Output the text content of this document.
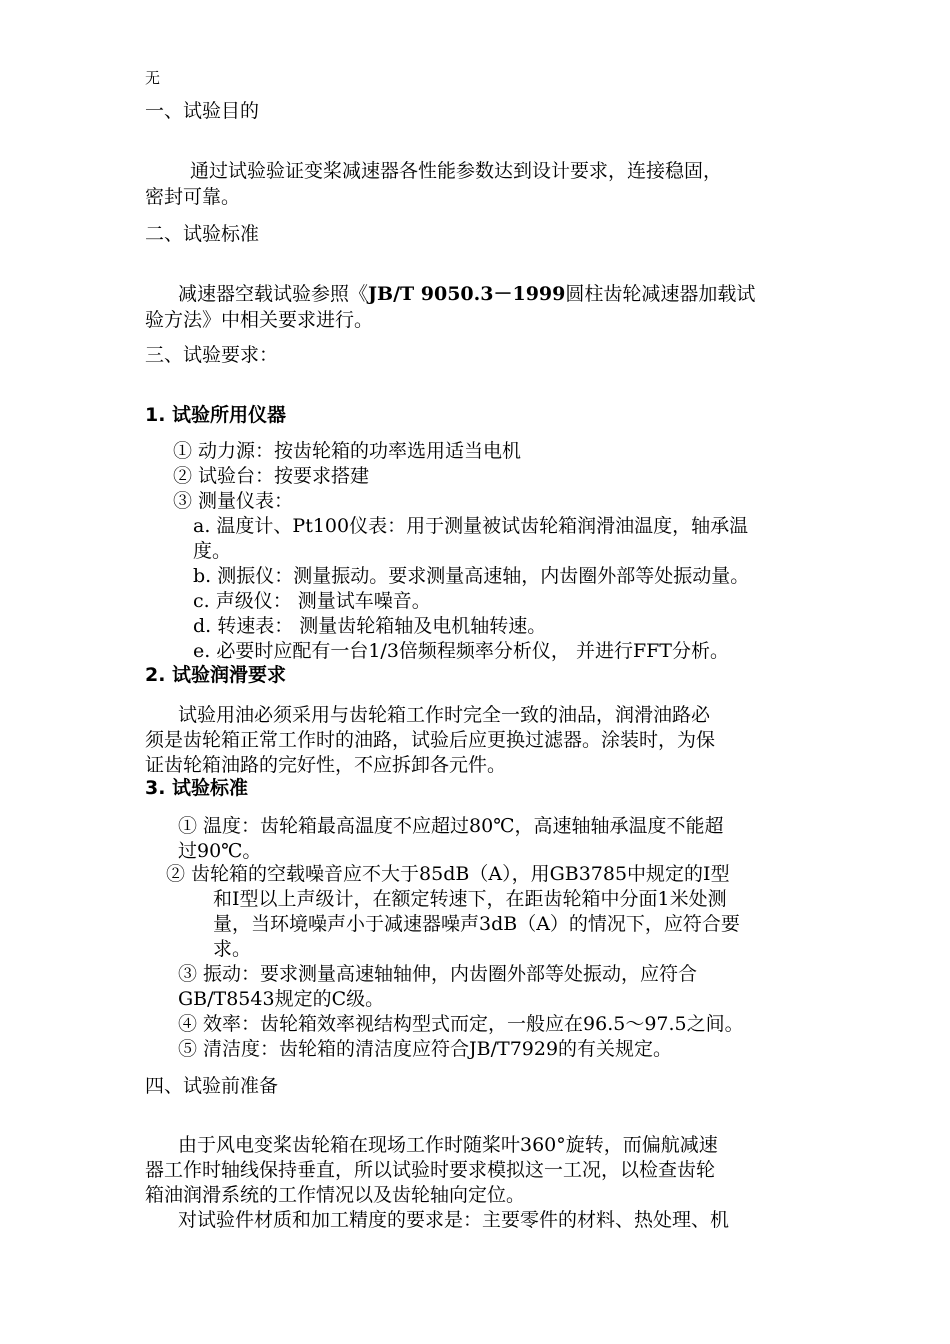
无
一、试验目的
通过试验验证变桨减速器各性能参数达到设计要求，连接稳固，
密封可靠。
二、试验标准
减速器空载试验参照《JB/T 9050.3－1999圆柱齿轮减速器加载试
验方法》中相关要求进行。
三、试验要求：
1. 试验所用仪器
① 动力源：按齿轮箱的功率选用适当电机
② 试验台：按要求搭建
③ 测量仪表：
a. 温度计、Pt100仪表：用于测量被试齿轮箱润滑油温度，轴承温
度。
b. 测振仪：测量振动。要求测量高速轴，内齿圈外部等处振动量。
c. 声级仪： 测量试车噪音。
d. 转速表： 测量齿轮箱轴及电机轴转速。
e. 必要时应配有一台1/3倍频程频率分析仪， 并进行FFT分析。
2. 试验润滑要求
试验用油必须采用与齿轮箱工作时完全一致的油品，润滑油路必
须是齿轮箱正常工作时的油路，试验后应更换过滤器。涂装时，为保
证齿轮箱油路的完好性，不应拆卸各元件。
3. 试验标准
① 温度：齿轮箱最高温度不应超过80℃，高速轴轴承温度不能超
过90℃。
② 齿轮箱的空载噪音应不大于85dB（A），用GB3785中规定的Ⅰ型
和Ⅰ型以上声级计，在额定转速下，在距齿轮箱中分面1米处测
量，当环境噪声小于减速器噪声3dB（A）的情况下，应符合要
求。
③ 振动：要求测量高速轴轴伸，内齿圈外部等处振动，应符合
GB/T8543规定的C级。
④ 效率：齿轮箱效率视结构型式而定，一般应在96.5～97.5之间。
⑤ 清洁度：齿轮箱的清洁度应符合JB/T7929的有关规定。
四、试验前准备
由于风电变桨齿轮箱在现场工作时随桨叶360°旋转，而偏航减速
器工作时轴线保持垂直，所以试验时要求模拟这一工况，以检查齿轮
箱油润滑系统的工作情况以及齿轮轴向定位。
对试验件材质和加工精度的要求是：主要零件的材料、热处理、机
